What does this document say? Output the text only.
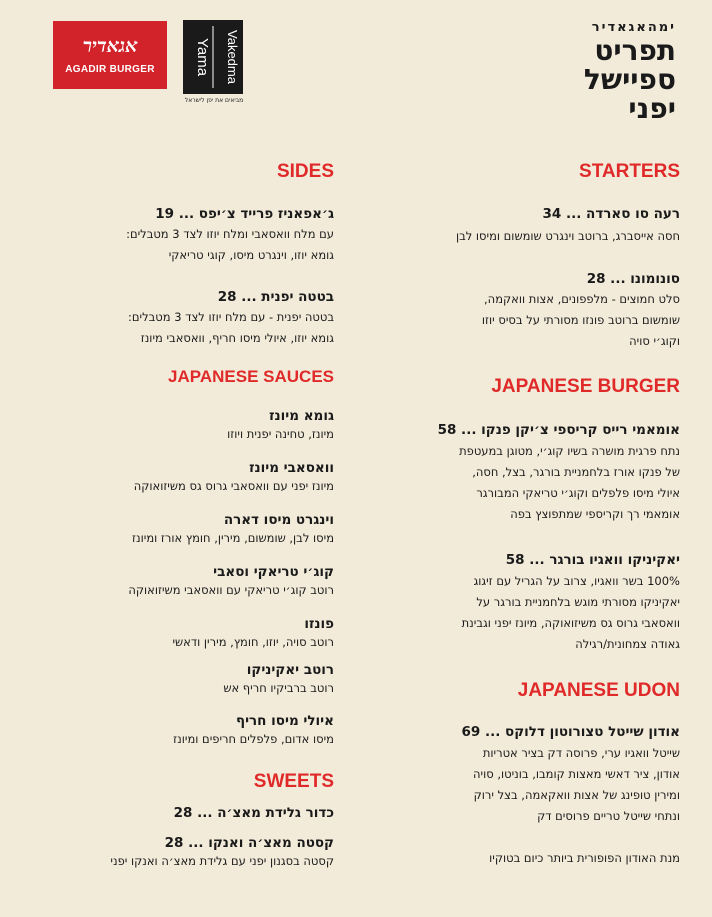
ימהאגאדיר
תפריט
ספיישל
יפני
אגאדיר
AGADIR BURGER	Yama Vakedma
מביאים את יפן לישראל
STARTERS
רעה סו סארדה ... 34
חסה אייסברג, ברוטב וינגרט שומשום ומיסו לבן
סונומונו ... 28
סלט חמוצים - מלפפונים, אצות וואקמה,
שומשום ברוטב פונזו מסורתי על בסיס יוזו
וקוג׳י סויה
JAPANESE BURGER
אומאמי רייס קריספי צ׳יקן פנקו ... 58
נתח פרגית מושרה בשיו קוג׳י, מטוגן במעטפת
של פנקו אורז בלחמניית בורגר, בצל, חסה,
איולי מיסו פלפלים וקוג׳י טריאקי המבורגר
אומאמי רך וקריספי שמתפוצץ בפה
יאקיניקו וואגיו בורגר ... 58
100% בשר וואגיו, צרוב על הגריל עם זיגוג
יאקיניקו מסורתי מוגש בלחמניית בורגר על
וואסאבי גרוס גס משיזואוקה, מיונז יפני וגבינת
גאודה צמחונית/רגילה
JAPANESE UDON
אודון שייטל טצורוטון דלוקס ... 69
שייטל וואגיו ערי, פרוסה דק בציר אטריות
אודון, ציר דאשי מאצות קומבו, בוניטו, סויה
ומירין טופינג של אצות וואקאמה, בצל ירוק
ונתחי שייטל טריים פרוסים דק
מנת האודון הפופורית ביותר כיום בטוקיו
SIDES
ג׳אפאניז פרייד צ׳יפס ... 19
עם מלח וואסאבי ומלח יוזו לצד 3 מטבלים:
גומא יוזו, וינגרט מיסו, קוגי טריאקי
בטטה יפנית ... 28
בטטה יפנית - עם מלח יוזו לצד 3 מטבלים:
גומא יוזו, איולי מיסו חריף, וואסאבי מיונז
JAPANESE SAUCES
גומא מיונז
מיונז, טחינה יפנית ויוזו
וואסאבי מיונז
מיונז יפני עם וואסאבי גרוס גס משיזואוקה
וינגרט מיסו דארה
מיסו לבן, שומשום, מירין, חומץ אורז ומיונז
קוג׳י טריאקי וסאבי
רוטב קוג׳י טריאקי עם וואסאבי משיזואוקה
פונזו
רוטב סויה, יוזו, חומץ, מירין ודאשי
רוטב יאקיניקו
רוטב ברביקיו חריף אש
איולי מיסו חריף
מיסו אדום, פלפלים חריפים ומיונז
SWEETS
כדור גלידת מאצ׳ה ... 28
קסטה מאצ׳ה ואנקו ... 28
קסטה בסגנון יפני עם גלידת מאצ׳ה ואנקו יפני
